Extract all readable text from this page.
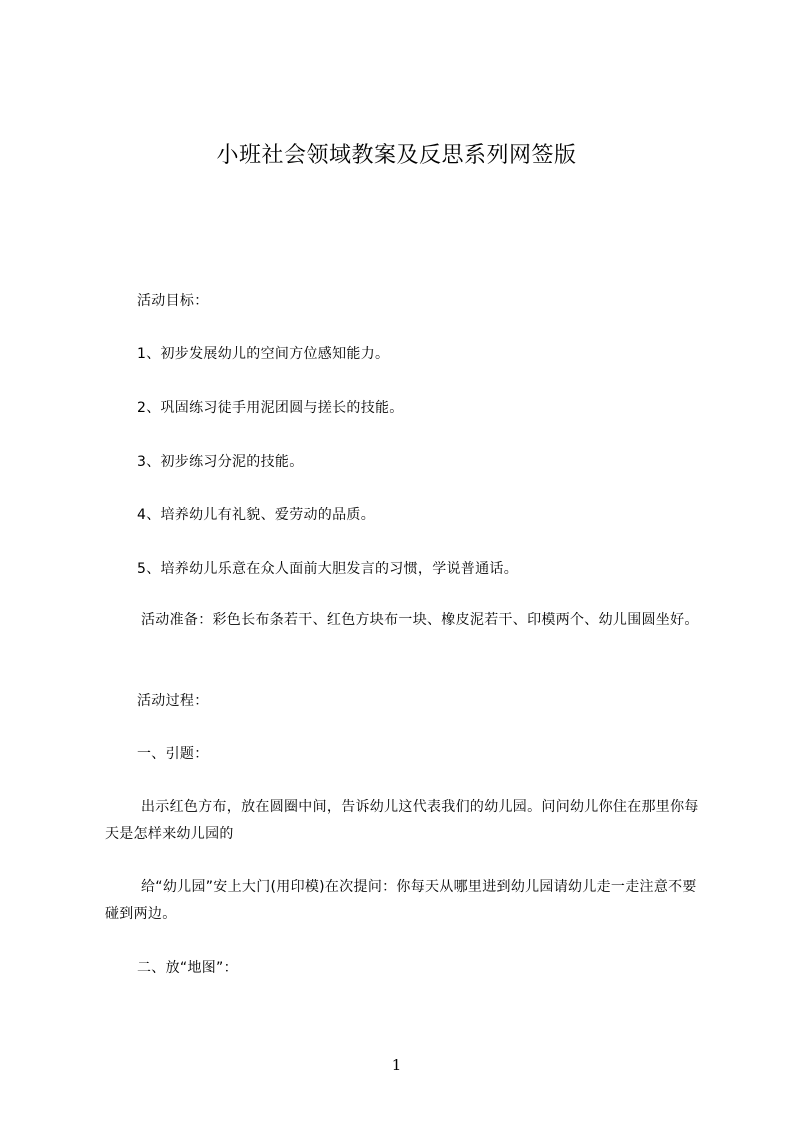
小班社会领域教案及反思系列网签版

活动目标：

1、初步发展幼儿的空间方位感知能力。

2、巩固练习徒手用泥团圆与搓长的技能。

3、初步练习分泥的技能。

4、培养幼儿有礼貌、爱劳动的品质。

5、培养幼儿乐意在众人面前大胆发言的习惯，学说普通话。

活动准备：彩色长布条若干、红色方块布一块、橡皮泥若干、印模两个、幼儿围圆坐好。

活动过程：

一、引题：

出示红色方布，放在圆圈中间，告诉幼儿这代表我们的幼儿园。问问幼儿你住在那里你每天是怎样来幼儿园的

给“幼儿园”安上大门(用印模)在次提问：你每天从哪里进到幼儿园请幼儿走一走注意不要碰到两边。

二、放“地图”：

1
